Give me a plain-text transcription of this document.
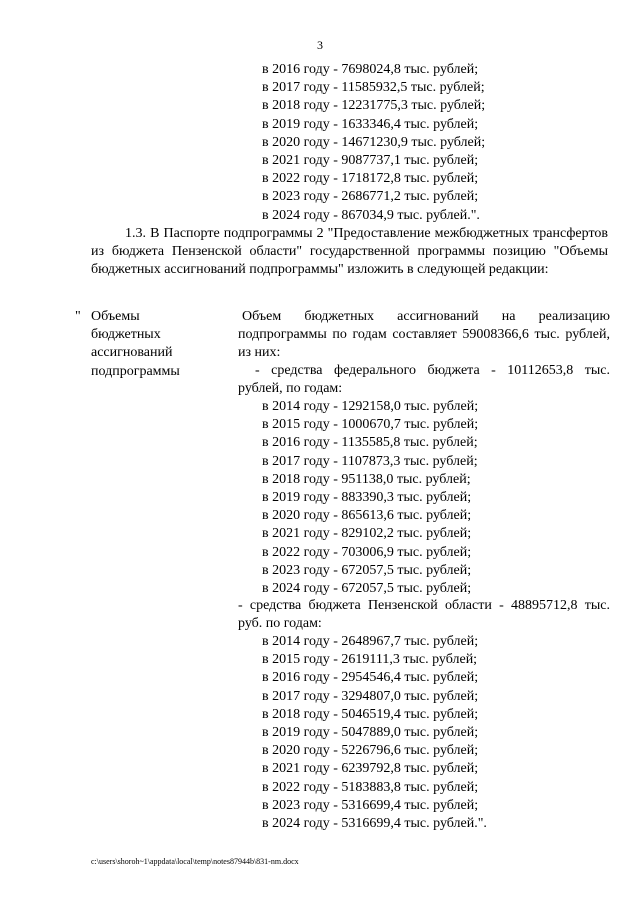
3
в 2016 году - 7698024,8 тыс. рублей;
в 2017 году - 11585932,5 тыс. рублей;
в 2018 году - 12231775,3 тыс. рублей;
в 2019 году - 1633346,4 тыс. рублей;
в 2020 году - 14671230,9 тыс. рублей;
в 2021 году - 9087737,1 тыс. рублей;
в 2022 году - 1718172,8 тыс. рублей;
в 2023 году - 2686771,2 тыс. рублей;
в 2024 году - 867034,9 тыс. рублей.".
1.3. В Паспорте подпрограммы 2 "Предоставление межбюджетных трансфертов из бюджета Пензенской области" государственной программы позицию "Объемы бюджетных ассигнований подпрограммы" изложить в следующей редакции:
" Объемы бюджетных ассигнований подпрограммы
Объем бюджетных ассигнований на реализацию подпрограммы по годам составляет 59008366,6 тыс. рублей, из них:
- средства федерального бюджета - 10112653,8 тыс. рублей, по годам:
в 2014 году - 1292158,0 тыс. рублей;
в 2015 году - 1000670,7 тыс. рублей;
в 2016 году - 1135585,8 тыс. рублей;
в 2017 году - 1107873,3 тыс. рублей;
в 2018 году - 951138,0 тыс. рублей;
в 2019 году - 883390,3 тыс. рублей;
в 2020 году - 865613,6 тыс. рублей;
в 2021 году - 829102,2 тыс. рублей;
в 2022 году - 703006,9 тыс. рублей;
в 2023 году - 672057,5 тыс. рублей;
в 2024 году - 672057,5 тыс. рублей;
- средства бюджета Пензенской области - 48895712,8 тыс. руб. по годам:
в 2014 году - 2648967,7 тыс. рублей;
в 2015 году - 2619111,3 тыс. рублей;
в 2016 году - 2954546,4 тыс. рублей;
в 2017 году - 3294807,0 тыс. рублей;
в 2018 году - 5046519,4 тыс. рублей;
в 2019 году - 5047889,0 тыс. рублей;
в 2020 году - 5226796,6 тыс. рублей;
в 2021 году - 6239792,8 тыс. рублей;
в 2022 году - 5183883,8 тыс. рублей;
в 2023 году - 5316699,4 тыс. рублей;
в 2024 году - 5316699,4 тыс. рублей.".
c:\users\shoroh~1\appdata\local\temp\notes87944b\831-nm.docx
